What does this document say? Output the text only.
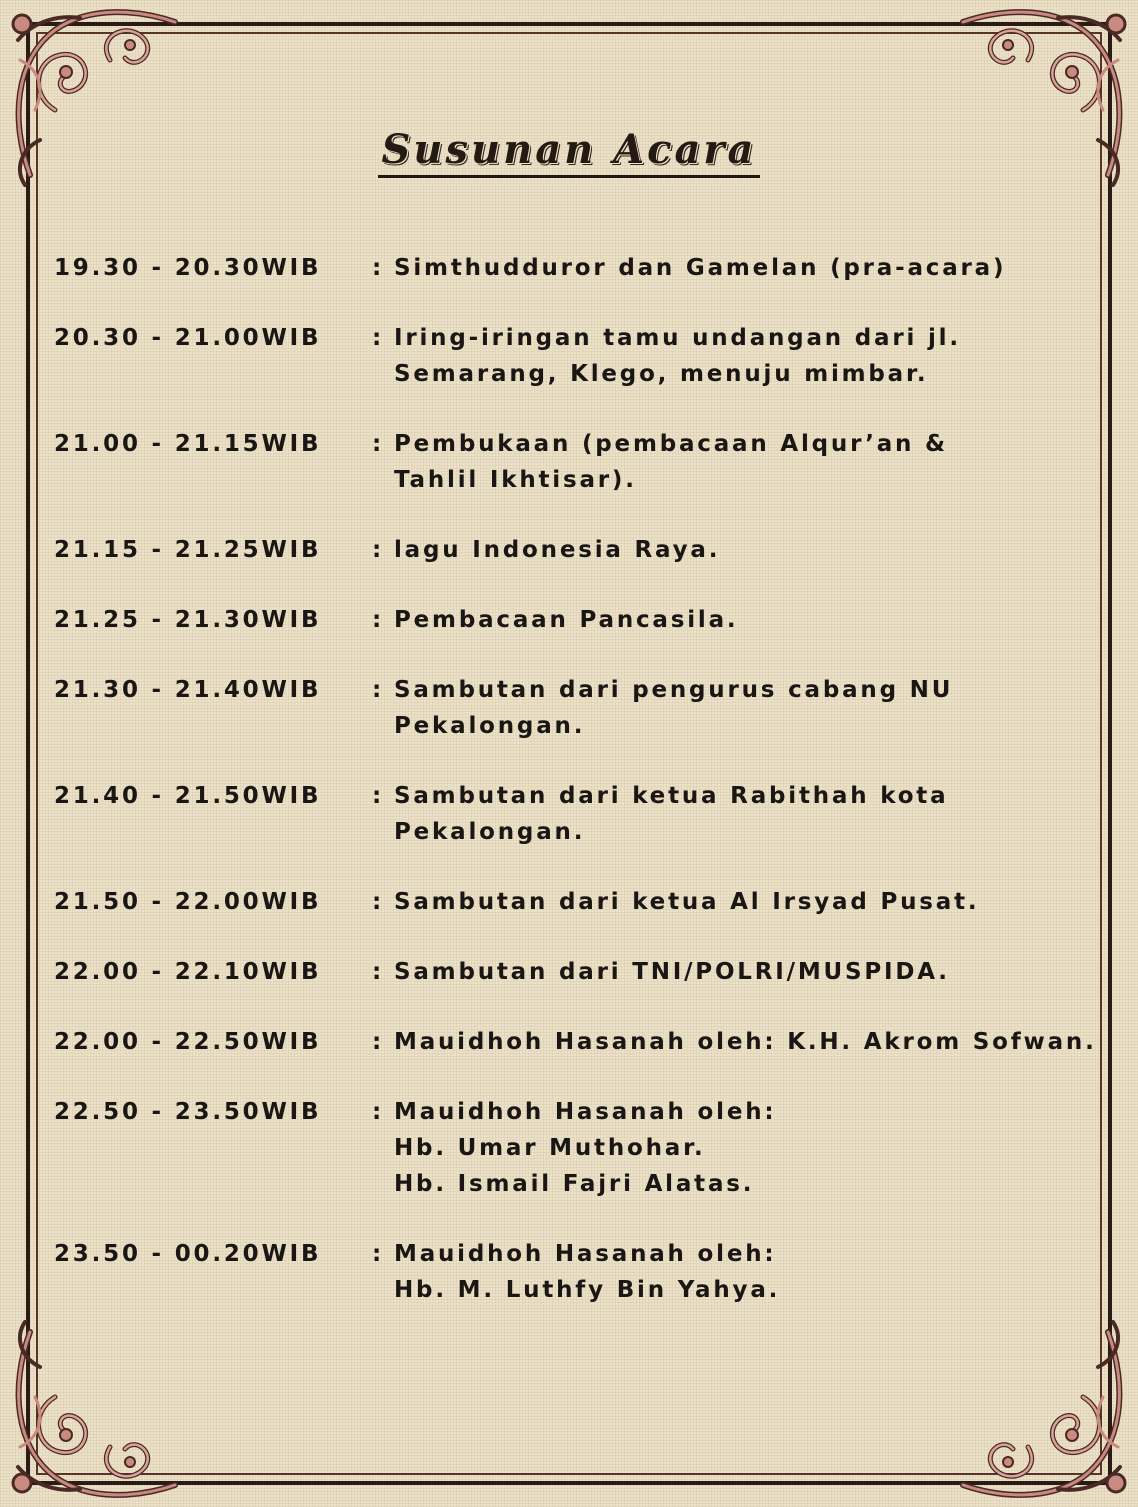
Susunan Acara
19.30 - 20.30WIB	: Simthudduror dan Gamelan (pra-acara)
20.30 - 21.00WIB	: Iring-iringan tamu undangan dari jl.
Semarang, Klego, menuju mimbar.
21.00 - 21.15WIB	: Pembukaan (pembacaan Alqur’an &
Tahlil Ikhtisar).
21.15 - 21.25WIB	: lagu Indonesia Raya.
21.25 - 21.30WIB	: Pembacaan Pancasila.
21.30 - 21.40WIB	: Sambutan dari pengurus cabang NU
Pekalongan.
21.40 - 21.50WIB	: Sambutan dari ketua Rabithah kota
Pekalongan.
21.50 - 22.00WIB	: Sambutan dari ketua Al Irsyad Pusat.
22.00 - 22.10WIB	: Sambutan dari TNI/POLRI/MUSPIDA.
22.00 - 22.50WIB	: Mauidhoh Hasanah oleh: K.H. Akrom Sofwan.
22.50 - 23.50WIB	: Mauidhoh Hasanah oleh:
Hb. Umar Muthohar.
Hb. Ismail Fajri Alatas.
23.50 - 00.20WIB	: Mauidhoh Hasanah oleh:
Hb. M. Luthfy Bin Yahya.
